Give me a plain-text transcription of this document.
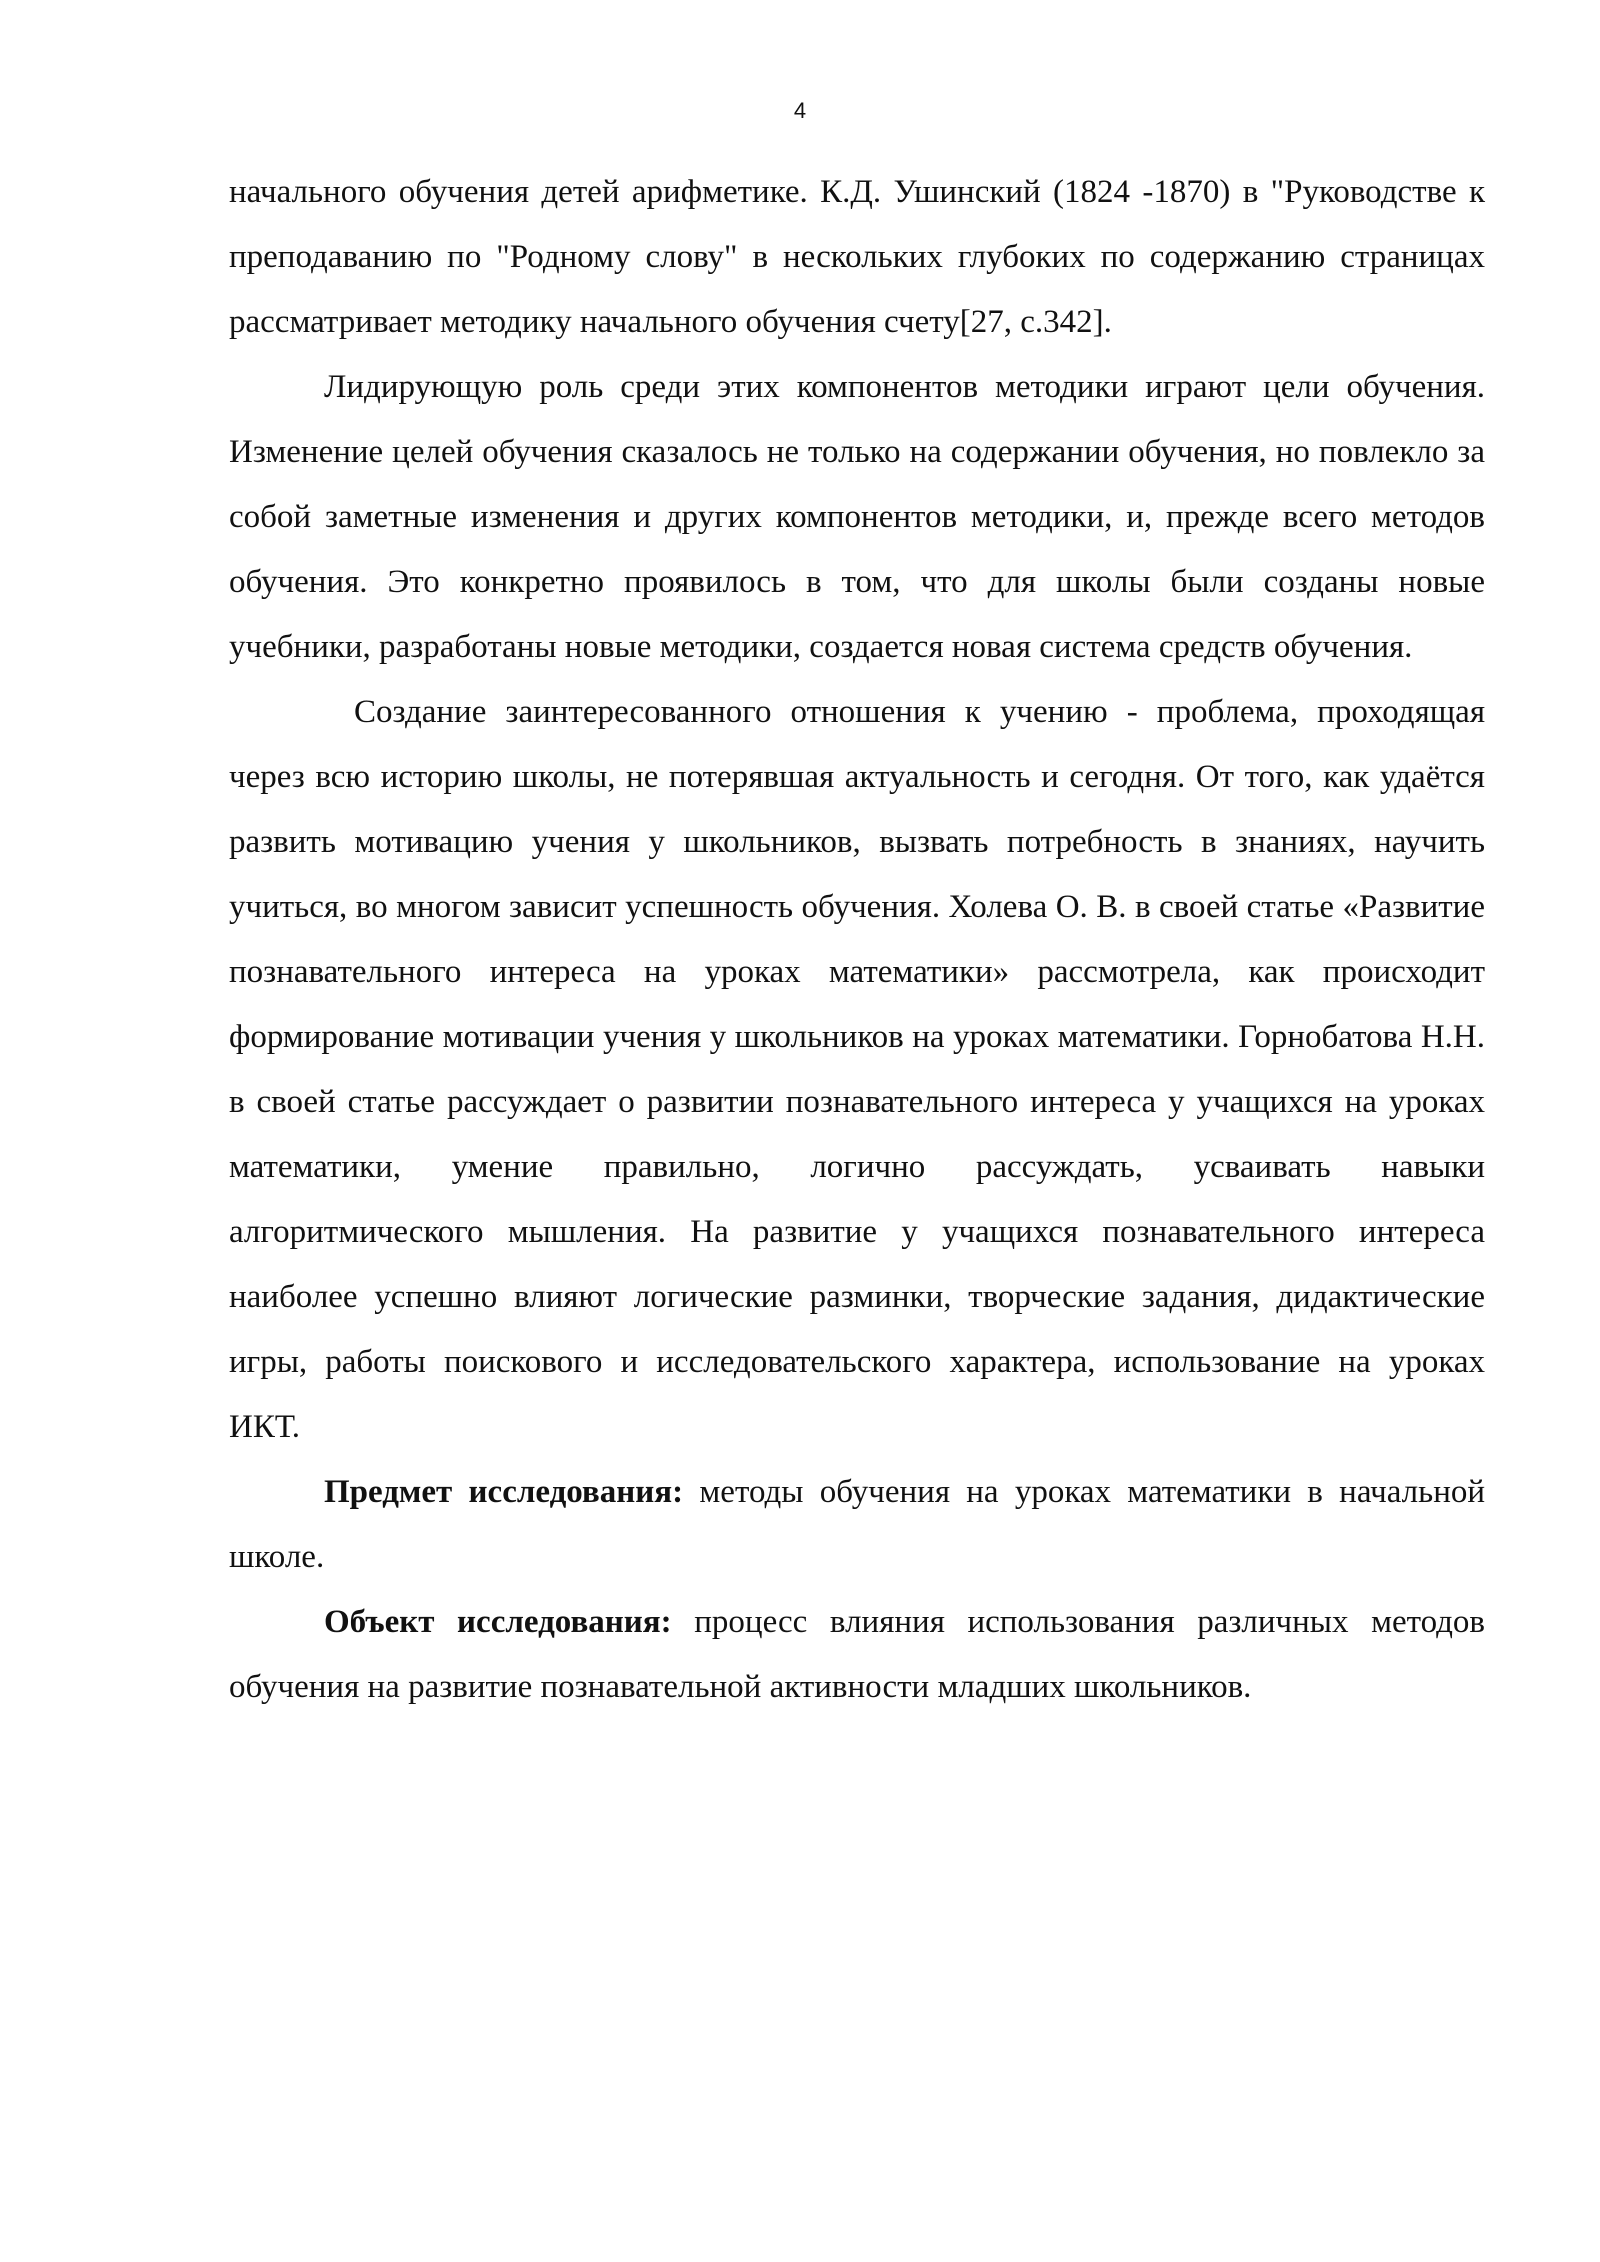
4

начального обучения детей арифметике. К.Д. Ушинский (1824 -1870) в "Руководстве к преподаванию по "Родному слову" в нескольких глубоких по содержанию страницах рассматривает методику начального обучения счету[27, с.342].

Лидирующую роль среди этих компонентов методики играют цели обучения. Изменение целей обучения сказалось не только на содержании обучения, но повлекло за собой заметные изменения и других компонентов методики, и, прежде всего методов обучения. Это конкретно проявилось в том, что для школы были созданы новые учебники, разработаны новые методики, создается новая система средств обучения.

Создание заинтересованного отношения к учению - проблема, проходящая через всю историю школы, не потерявшая актуальность и сегодня. От того, как удаётся развить мотивацию учения у школьников, вызвать потребность в знаниях, научить учиться, во многом зависит успешность обучения. Холева О. В. в своей статье «Развитие познавательного интереса на уроках математики» рассмотрела, как происходит формирование мотивации учения у школьников на уроках математики. Горнобатова Н.Н. в своей статье рассуждает о развитии познавательного интереса у учащихся на уроках математики, умение правильно, логично рассуждать, усваивать навыки алгоритмического мышления. На развитие у учащихся познавательного интереса наиболее успешно влияют логические разминки, творческие задания, дидактические игры, работы поискового и исследовательского характера, использование на уроках ИКТ.

Предмет исследования: методы обучения на уроках математики в начальной школе.

Объект исследования: процесс влияния использования различных методов обучения на развитие познавательной активности младших школьников.
